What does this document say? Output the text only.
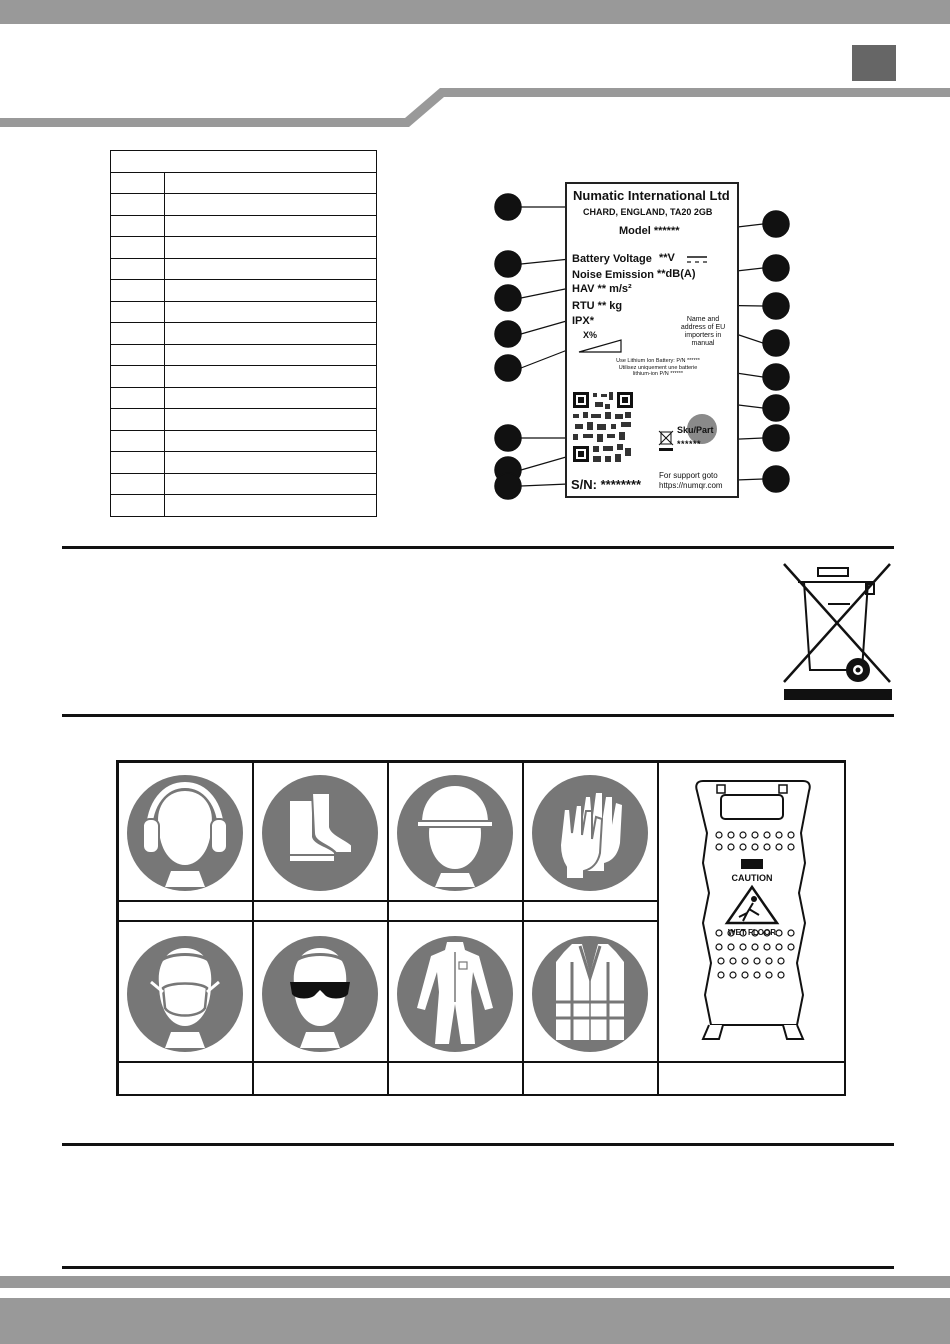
Numatic International Ltd
CHARD, ENGLAND, TA20 2GB
Model ******
Battery Voltage **V
Noise Emission **dB(A)
HAV ** m/s²
RTU ** kg
IPX*	Name and
address of EU
importers in
manual
X%
Use Lithium Ion Battery: P/N ******
Utilisez uniquement une batterie
lithium-ion P/N ******
Sku/Part
******
S/N: ********
For support goto
https://numqr.com
CAUTION
WET FLOOR
